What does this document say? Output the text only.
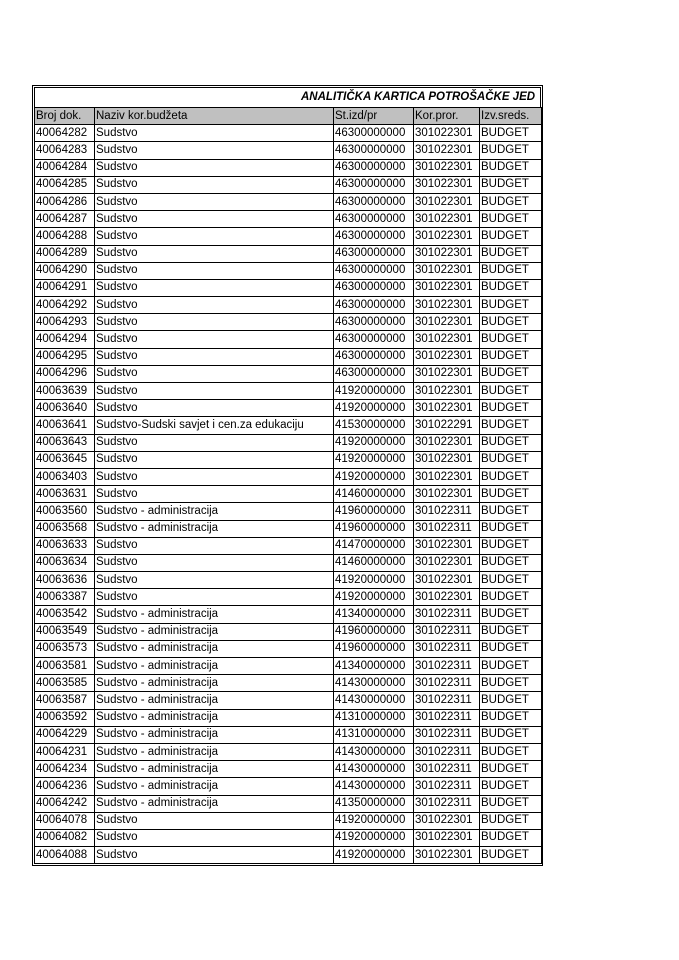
ANALITIČKA KARTICA POTROŠAČKE JED
Broj dok.	Naziv kor.budžeta	St.izd/pr	Kor.pror.	Izv.sreds.
40064282	Sudstvo	46300000000	301022301	BUDGET
40064283	Sudstvo	46300000000	301022301	BUDGET
40064284	Sudstvo	46300000000	301022301	BUDGET
40064285	Sudstvo	46300000000	301022301	BUDGET
40064286	Sudstvo	46300000000	301022301	BUDGET
40064287	Sudstvo	46300000000	301022301	BUDGET
40064288	Sudstvo	46300000000	301022301	BUDGET
40064289	Sudstvo	46300000000	301022301	BUDGET
40064290	Sudstvo	46300000000	301022301	BUDGET
40064291	Sudstvo	46300000000	301022301	BUDGET
40064292	Sudstvo	46300000000	301022301	BUDGET
40064293	Sudstvo	46300000000	301022301	BUDGET
40064294	Sudstvo	46300000000	301022301	BUDGET
40064295	Sudstvo	46300000000	301022301	BUDGET
40064296	Sudstvo	46300000000	301022301	BUDGET
40063639	Sudstvo	41920000000	301022301	BUDGET
40063640	Sudstvo	41920000000	301022301	BUDGET
40063641	Sudstvo-Sudski savjet i cen.za edukaciju	41530000000	301022291	BUDGET
40063643	Sudstvo	41920000000	301022301	BUDGET
40063645	Sudstvo	41920000000	301022301	BUDGET
40063403	Sudstvo	41920000000	301022301	BUDGET
40063631	Sudstvo	41460000000	301022301	BUDGET
40063560	Sudstvo - administracija	41960000000	301022311	BUDGET
40063568	Sudstvo - administracija	41960000000	301022311	BUDGET
40063633	Sudstvo	41470000000	301022301	BUDGET
40063634	Sudstvo	41460000000	301022301	BUDGET
40063636	Sudstvo	41920000000	301022301	BUDGET
40063387	Sudstvo	41920000000	301022301	BUDGET
40063542	Sudstvo - administracija	41340000000	301022311	BUDGET
40063549	Sudstvo - administracija	41960000000	301022311	BUDGET
40063573	Sudstvo - administracija	41960000000	301022311	BUDGET
40063581	Sudstvo - administracija	41340000000	301022311	BUDGET
40063585	Sudstvo - administracija	41430000000	301022311	BUDGET
40063587	Sudstvo - administracija	41430000000	301022311	BUDGET
40063592	Sudstvo - administracija	41310000000	301022311	BUDGET
40064229	Sudstvo - administracija	41310000000	301022311	BUDGET
40064231	Sudstvo - administracija	41430000000	301022311	BUDGET
40064234	Sudstvo - administracija	41430000000	301022311	BUDGET
40064236	Sudstvo - administracija	41430000000	301022311	BUDGET
40064242	Sudstvo - administracija	41350000000	301022311	BUDGET
40064078	Sudstvo	41920000000	301022301	BUDGET
40064082	Sudstvo	41920000000	301022301	BUDGET
40064088	Sudstvo	41920000000	301022301	BUDGET
